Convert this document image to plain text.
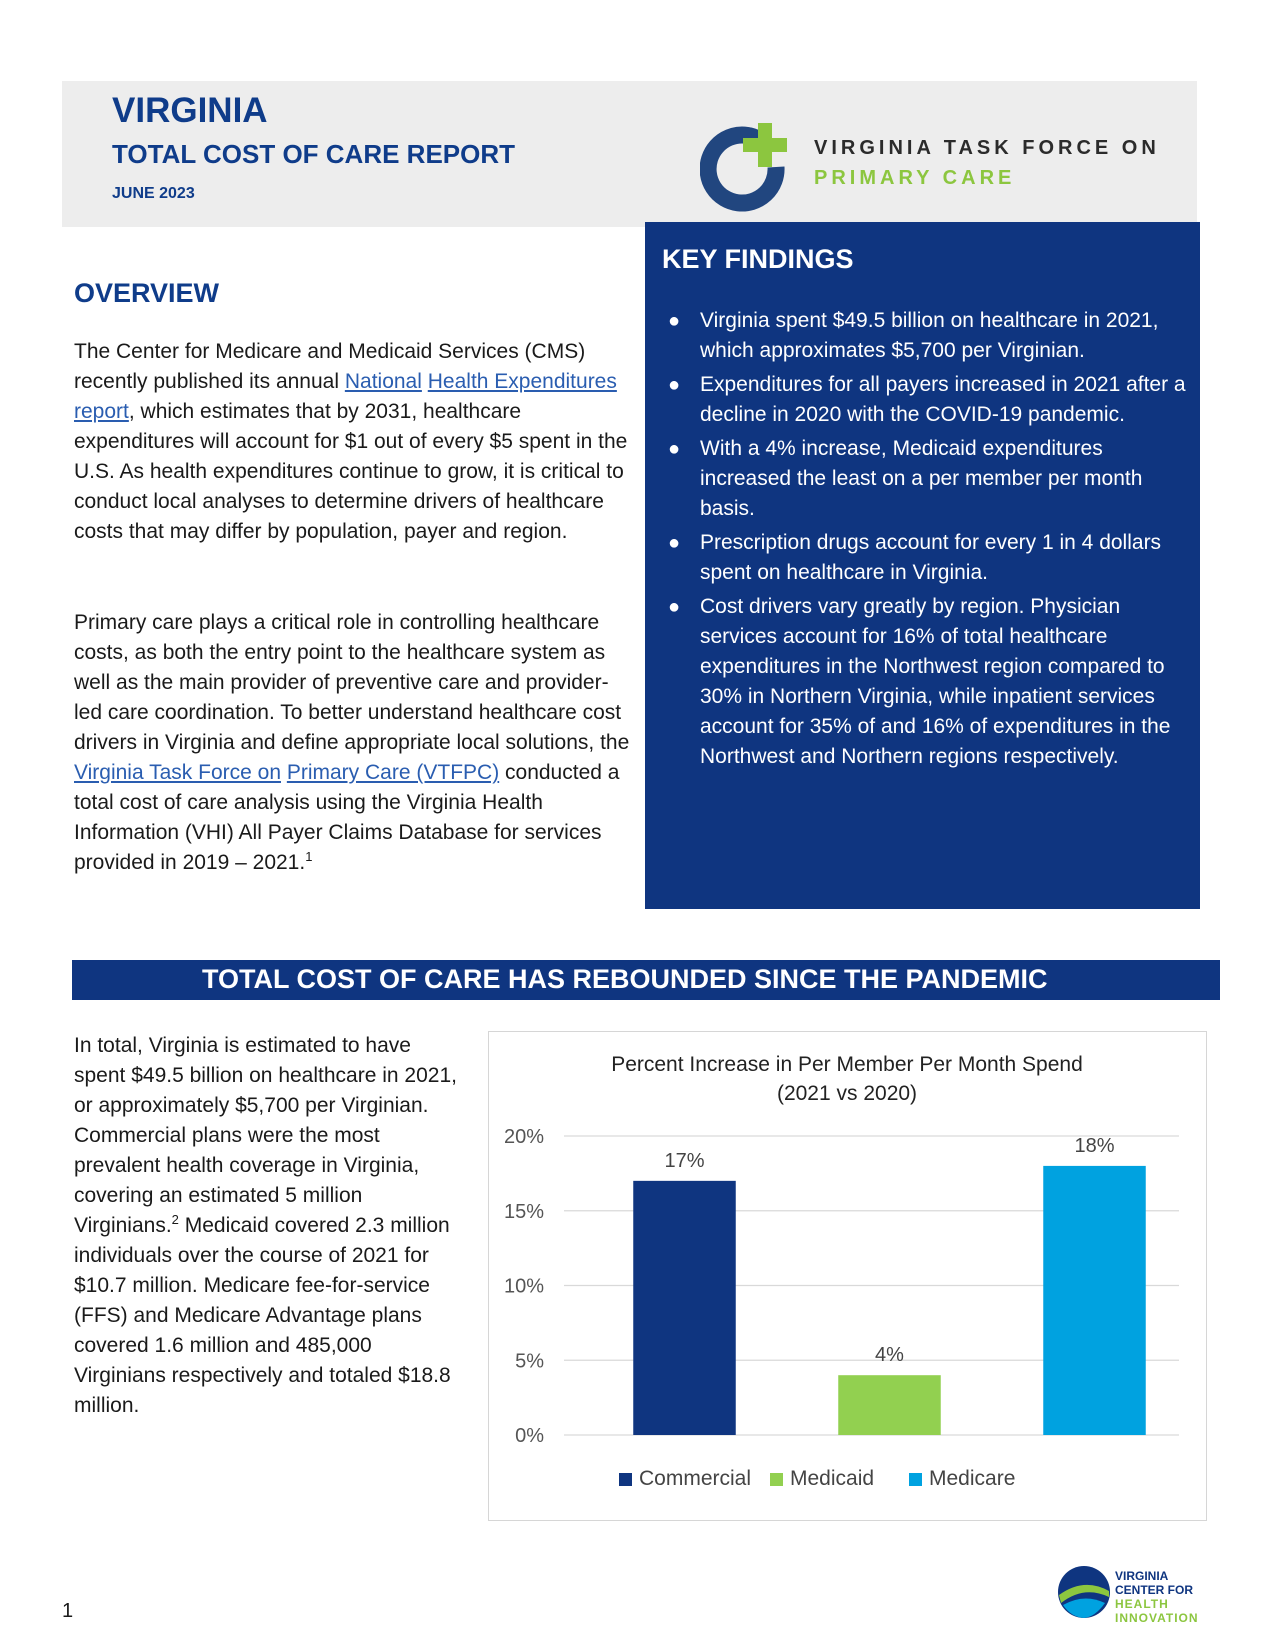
VIRGINIA
TOTAL COST OF CARE REPORT
JUNE 2023
VIRGINIA TASK FORCE ON
PRIMARY CARE
OVERVIEW
The Center for Medicare and Medicaid Services (CMS) recently published its annual National Health Expenditures report, which estimates that by 2031, healthcare expenditures will account for $1 out of every $5 spent in the U.S. As health expenditures continue to grow, it is critical to conduct local analyses to determine drivers of healthcare costs that may differ by population, payer and region.
Primary care plays a critical role in controlling healthcare costs, as both the entry point to the healthcare system as well as the main provider of preventive care and provider-led care coordination. To better understand healthcare cost drivers in Virginia and define appropriate local solutions, the Virginia Task Force on Primary Care (VTFPC) conducted a total cost of care analysis using the Virginia Health Information (VHI) All Payer Claims Database for services provided in 2019 – 2021.$^1$
KEY FINDINGS
● Virginia spent $49.5 billion on healthcare in 2021, which approximates $5,700 per Virginian.
● Expenditures for all payers increased in 2021 after a decline in 2020 with the COVID-19 pandemic.
● With a 4% increase, Medicaid expenditures increased the least on a per member per month basis.
● Prescription drugs account for every 1 in 4 dollars spent on healthcare in Virginia.
● Cost drivers vary greatly by region. Physician services account for 16% of total healthcare expenditures in the Northwest region compared to 30% in Northern Virginia, while inpatient services account for 35% of and 16% of expenditures in the Northwest and Northern regions respectively.
TOTAL COST OF CARE HAS REBOUNDED SINCE THE PANDEMIC
In total, Virginia is estimated to have spent $49.5 billion on healthcare in 2021, or approximately $5,700 per Virginian. Commercial plans were the most prevalent health coverage in Virginia, covering an estimated 5 million Virginians.$^2$ Medicaid covered 2.3 million individuals over the course of 2021 for $10.7 million. Medicare fee-for-service (FFS) and Medicare Advantage plans covered 1.6 million and 485,000 Virginians respectively and totaled $18.8 million.
Percent Increase in Per Member Per Month Spend
(2021 vs 2020)
0%
5%
10%
15%
20%
17%
4%
18%
Commercial Medicaid	Medicare
1
VIRGINIA
CENTER FOR
HEALTH
INNOVATION
